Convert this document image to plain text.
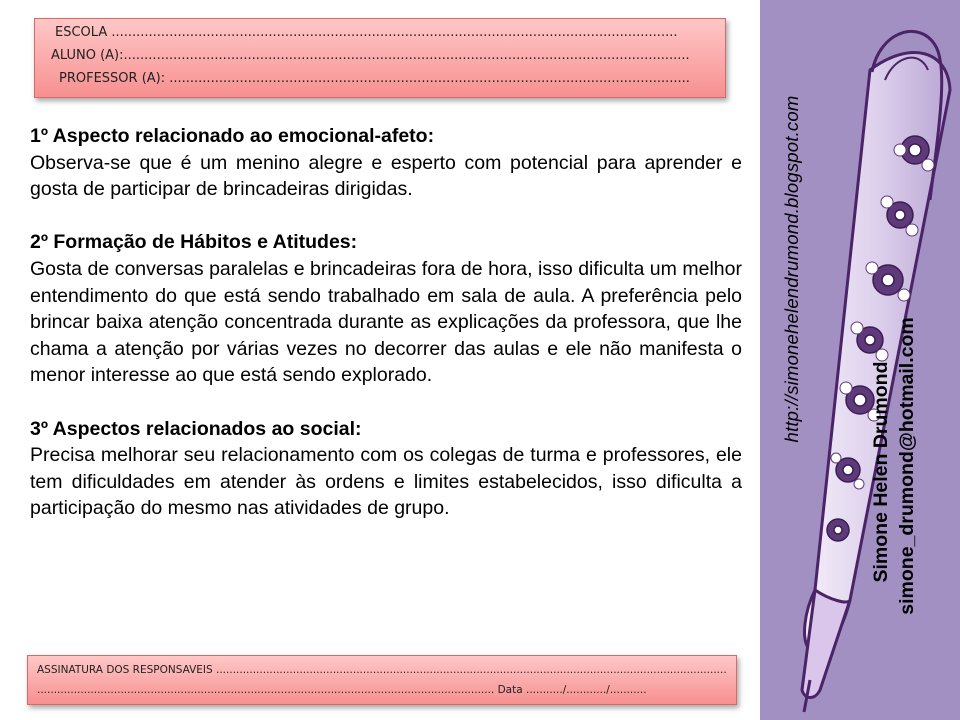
ESCOLA .........................................................................................................................................
ALUNO (A):.........................................................................................................................................
PROFESSOR (A): ..............................................................................................................................
1º Aspecto relacionado ao emocional-afeto:
Observa-se que é um menino alegre e esperto com potencial para aprender e gosta de participar de brincadeiras dirigidas.
2º Formação de Hábitos e Atitudes:
Gosta de conversas paralelas e brincadeiras fora de hora, isso dificulta um melhor entendimento do que está sendo trabalhado em sala de aula. A preferência pelo brincar baixa atenção concentrada durante as explicações da professora, que lhe chama a atenção por várias vezes no decorrer das aulas e ele não manifesta o menor interesse ao que está sendo explorado.
3º Aspectos relacionados ao social:
Precisa melhorar seu relacionamento com os colegas de turma e professores, ele tem dificuldades em atender às ordens e limites estabelecidos, isso dificulta a participação do mesmo nas atividades de grupo.
ASSINATURA DOS RESPONSAVEIS .........................................................................................................................................................
......................................................................................................................................... Data .........../............/...........
http://simonehelendrumond.blogspot.com
Simone Helen Drumond simone_drumond@hotmail.com
